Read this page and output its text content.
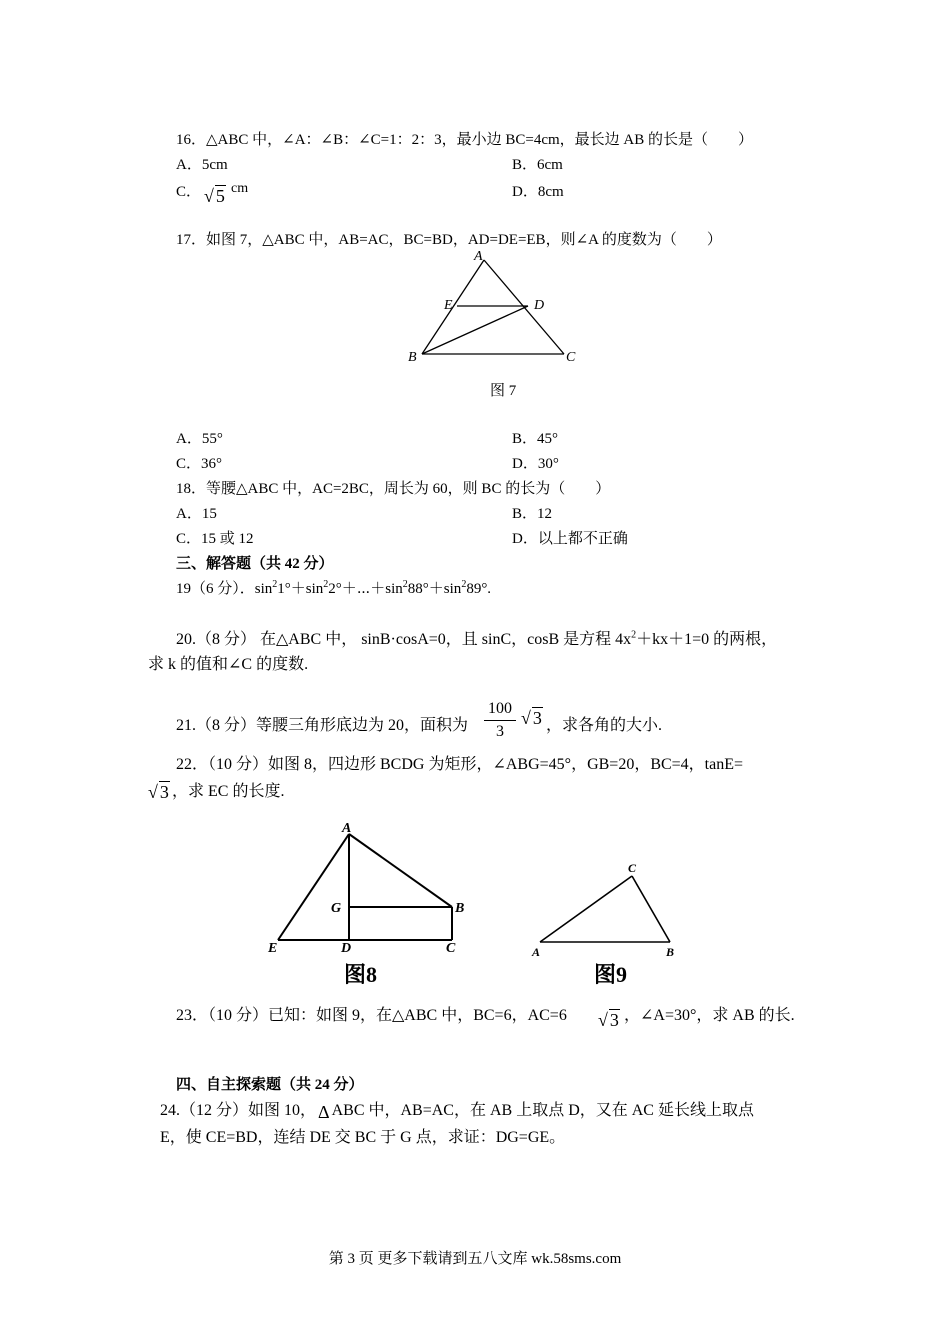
16．△ABC 中，∠A：∠B：∠C=1：2：3，最小边 BC=4cm，最长边 AB 的长是（　　）
A．5cm	B．6cm
C． √ 5 cm	D．8cm
17．如图 7，△ABC 中，AB=AC，BC=BD，AD=DE=EB，则∠A 的度数为（　　）
A
E	D
B	C
图 7
A．55°	B．45°
C．36°	D．30°
18．等腰△ABC 中，AC=2BC，周长为 60，则 BC 的长为（　　）
A．15	B．12
C．15 或 12	D．以上都不正确
三、解答题（共 42 分）
19（6 分）．$\sin^21^\circ+\sin^22^\circ+\cdots+\sin^288^\circ+\sin^289^\circ$.
20.（8 分） 在△ABC 中， sinB·cosA=0，且 sinC，cosB 是方程 $4x^2+kx+1=0$ 的两根，
求 k 的值和∠C 的度数.
21.（8 分）等腰三角形底边为 20，面积为 $\frac{100}{3}$ √ 3 ，求各角的大小.
22．（10 分）如图 8，四边形 BCDG 为矩形，∠ABG=45°，GB=20，BC=4，tanE=
√ 3 ，求 EC 的长度.
A
G	B
E	D	C
图8
C
A	B
图9
23．（10 分）已知：如图 9，在△ABC 中，BC=6，AC=6 √ 3 ，∠A=30°，求 AB 的长.
四、自主探索题（共 24 分）
24.（12 分）如图 10， Δ ABC 中，AB=AC，在 AB 上取点 D，又在 AC 延长线上取点
E，使 CE=BD，连结 DE 交 BC 于 G 点，求证：DG=GE。
第 3 页 更多下载请到五八文库 wk.58sms.com
